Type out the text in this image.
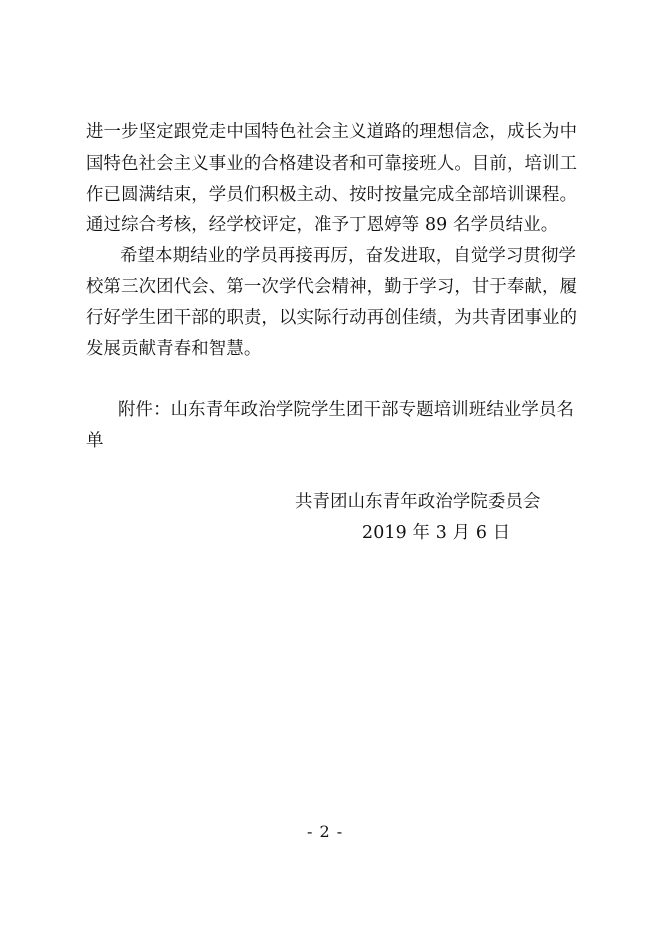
进一步坚定跟党走中国特色社会主义道路的理想信念，成长为中
国特色社会主义事业的合格建设者和可靠接班人。目前，培训工
作已圆满结束，学员们积极主动、按时按量完成全部培训课程。
通过综合考核，经学校评定，准予丁恩婷等 89 名学员结业。
希望本期结业的学员再接再厉，奋发进取，自觉学习贯彻学
校第三次团代会、第一次学代会精神，勤于学习，甘于奉献，履
行好学生团干部的职责，以实际行动再创佳绩，为共青团事业的
发展贡献青春和智慧。
附件：山东青年政治学院学生团干部专题培训班结业学员名
单
共青团山东青年政治学院委员会
2019 年 3 月 6 日
- 2 -
